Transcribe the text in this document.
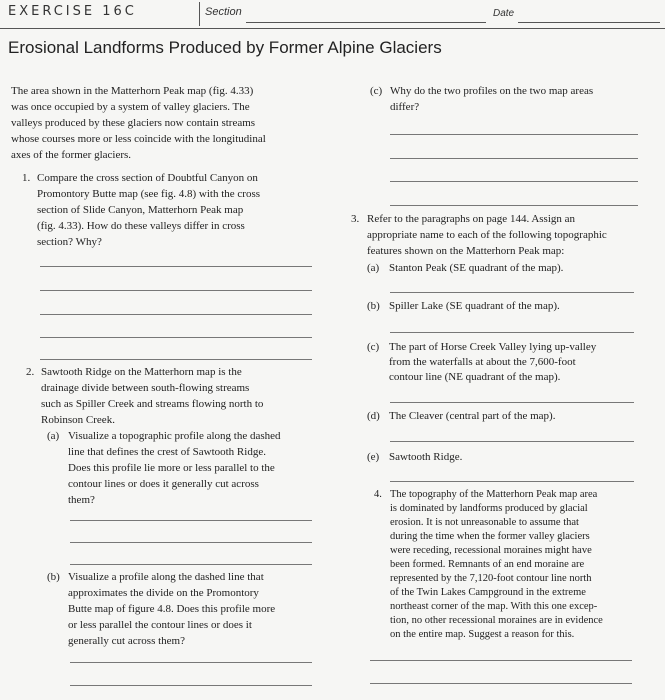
EXERCISE 16C	Section	Date
Erosional Landforms Produced by Former Alpine Glaciers
The area shown in the Matterhorn Peak map (fig. 4.33)
was once occupied by a system of valley glaciers. The
valleys produced by these glaciers now contain streams
whose courses more or less coincide with the longitudinal
axes of the former glaciers.
1. Compare the cross section of Doubtful Canyon on
Promontory Butte map (see fig. 4.8) with the cross
section of Slide Canyon, Matterhorn Peak map
(fig. 4.33). How do these valleys differ in cross
section? Why?
2. Sawtooth Ridge on the Matterhorn map is the
drainage divide between south-flowing streams
such as Spiller Creek and streams flowing north to
Robinson Creek.
(a) Visualize a topographic profile along the dashed
line that defines the crest of Sawtooth Ridge.
Does this profile lie more or less parallel to the
contour lines or does it generally cut across
them?
(b) Visualize a profile along the dashed line that
approximates the divide on the Promontory
Butte map of figure 4.8. Does this profile more
or less parallel the contour lines or does it
generally cut across them?
(c) Why do the two profiles on the two map areas
differ?
3. Refer to the paragraphs on page 144. Assign an
appropriate name to each of the following topographic
features shown on the Matterhorn Peak map:
(a) Stanton Peak (SE quadrant of the map).
(b) Spiller Lake (SE quadrant of the map).
(c) The part of Horse Creek Valley lying up-valley
from the waterfalls at about the 7,600-foot
contour line (NE quadrant of the map).
(d) The Cleaver (central part of the map).
(e) Sawtooth Ridge.
4. The topography of the Matterhorn Peak map area
is dominated by landforms produced by glacial
erosion. It is not unreasonable to assume that
during the time when the former valley glaciers
were receding, recessional moraines might have
been formed. Remnants of an end moraine are
represented by the 7,120-foot contour line north
of the Twin Lakes Campground in the extreme
northeast corner of the map. With this one excep-
tion, no other recessional moraines are in evidence
on the entire map. Suggest a reason for this.
